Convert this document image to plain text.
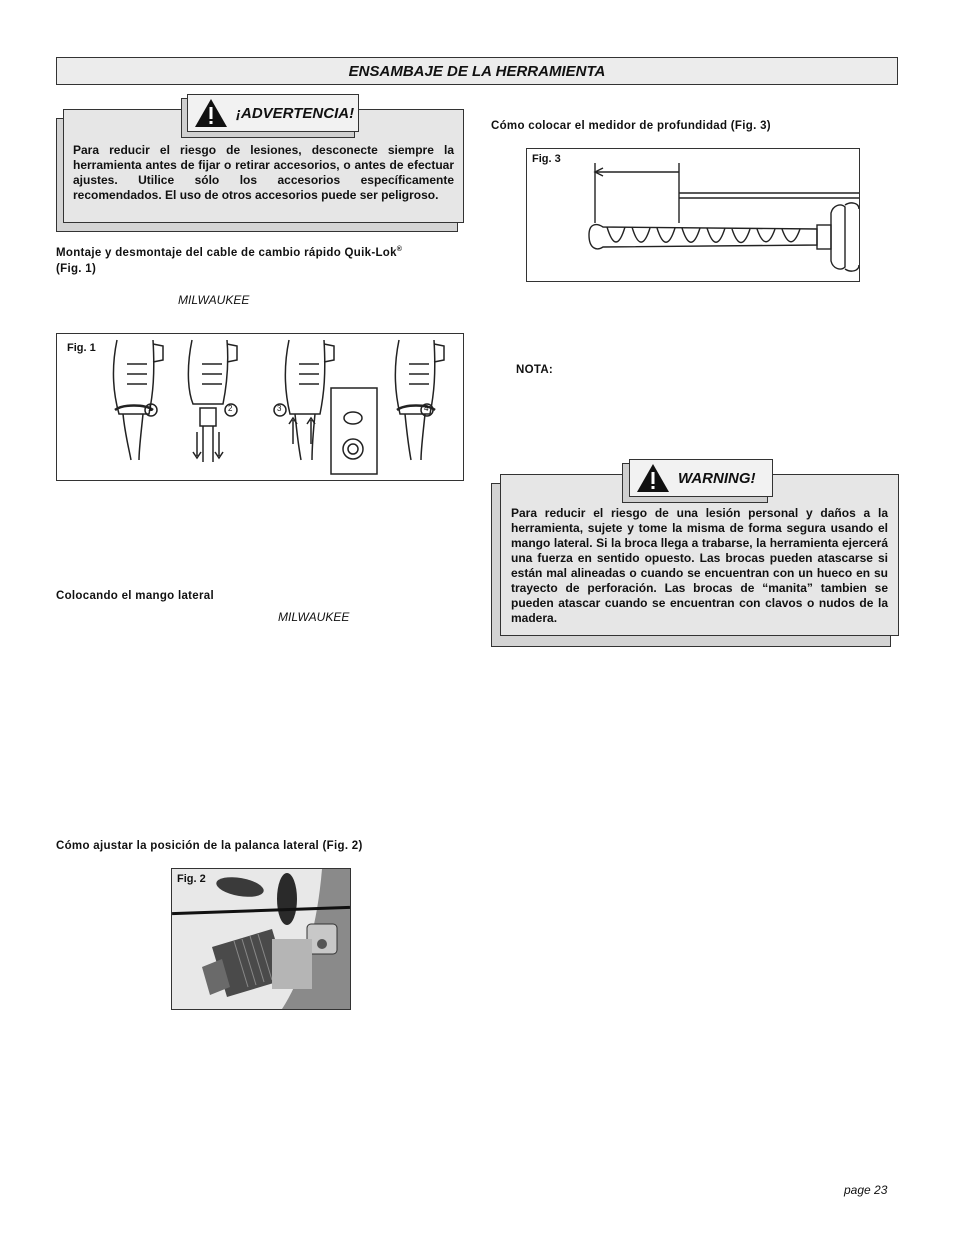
ENSAMBAJE DE LA HERRAMIENTA
Para reducir el riesgo de lesiones, desconecte siempre la herramienta antes de fijar o retirar accesorios, o antes de efectuar ajustes. Utilice sólo los accesorios específicamente recomendados. El uso de otros accesorios puede ser peligroso.
¡ADVERTENCIA!
Montaje y desmontaje del cable de cambio rápido Quik-Lok®
(Fig. 1)
MILWAUKEE
Fig. 1
1	2	3	4
Colocando el mango lateral
MILWAUKEE
Cómo ajustar la posición de la palanca lateral (Fig. 2)
Fig. 2
Cómo colocar el medidor de profundidad (Fig. 3)
Fig. 3
NOTA:
Para reducir el riesgo de una lesión personal y daños a la herramienta, sujete y tome la misma de forma segura usando el mango lateral. Si la broca llega a trabarse, la herramienta ejercerá una fuerza en sentido opuesto. Las brocas pueden atascarse si están mal alineadas o cuando se encuentran con un hueco en su trayecto de perforación. Las brocas de “manita” tambien se pueden atascar cuando se encuentran con clavos o nudos de la madera.
WARNING!
page 23
